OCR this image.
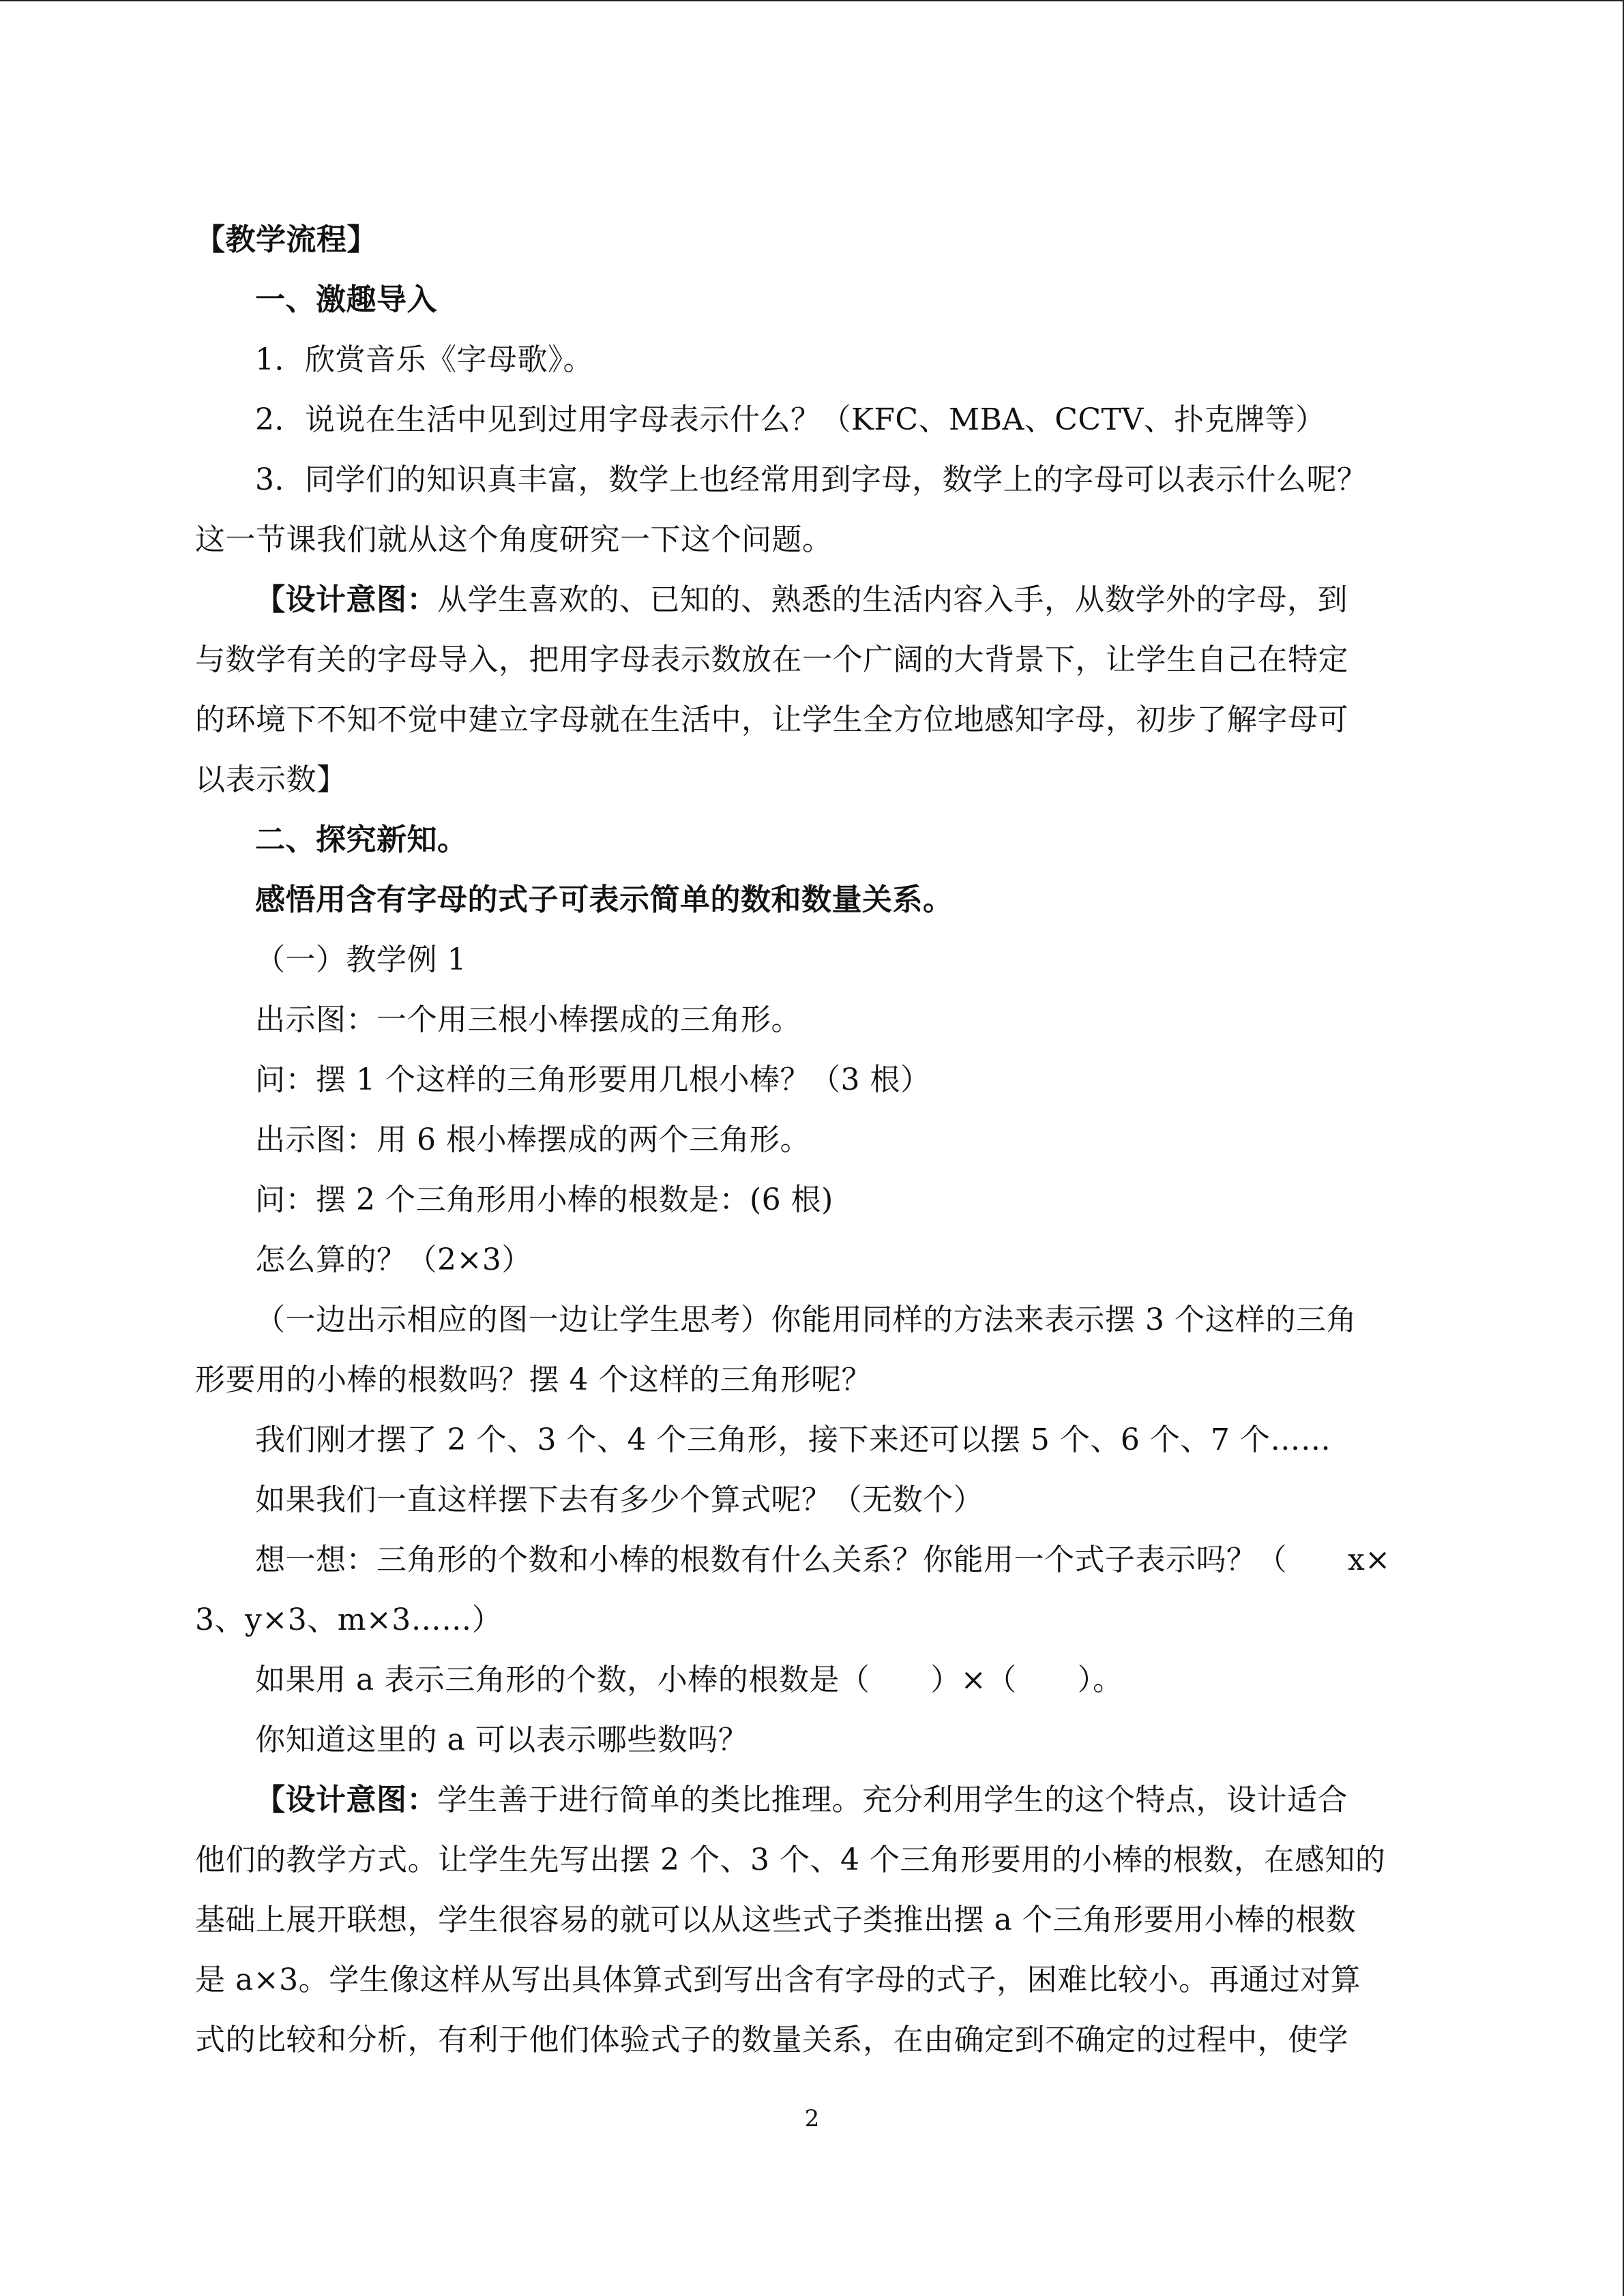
【教学流程】
一、激趣导入
1．欣赏音乐《字母歌》。
2．说说在生活中见到过用字母表示什么？（KFC、MBA、CCTV、扑克牌等）
3．同学们的知识真丰富，数学上也经常用到字母，数学上的字母可以表示什么呢？
这一节课我们就从这个角度研究一下这个问题。
【设计意图：从学生喜欢的、已知的、熟悉的生活内容入手，从数学外的字母，到
与数学有关的字母导入，把用字母表示数放在一个广阔的大背景下，让学生自己在特定
的环境下不知不觉中建立字母就在生活中，让学生全方位地感知字母，初步了解字母可
以表示数】
二、探究新知。
感悟用含有字母的式子可表示简单的数和数量关系。
（一）教学例 1
出示图：一个用三根小棒摆成的三角形。
问：摆 1 个这样的三角形要用几根小棒？（3 根）
出示图：用 6 根小棒摆成的两个三角形。
问：摆 2 个三角形用小棒的根数是：(6 根)
怎么算的？（2×3）
（一边出示相应的图一边让学生思考）你能用同样的方法来表示摆 3 个这样的三角
形要用的小棒的根数吗？摆 4 个这样的三角形呢？
我们刚才摆了 2 个、3 个、4 个三角形，接下来还可以摆 5 个、6 个、7 个……
如果我们一直这样摆下去有多少个算式呢？（无数个）
想一想：三角形的个数和小棒的根数有什么关系？你能用一个式子表示吗？（　　x×
3、y×3、m×3……）
如果用 a 表示三角形的个数，小棒的根数是（　　）×（　　）。
你知道这里的 a 可以表示哪些数吗？
【设计意图：学生善于进行简单的类比推理。充分利用学生的这个特点，设计适合
他们的教学方式。让学生先写出摆 2 个、3 个、4 个三角形要用的小棒的根数，在感知的
基础上展开联想，学生很容易的就可以从这些式子类推出摆 a 个三角形要用小棒的根数
是 a×3。学生像这样从写出具体算式到写出含有字母的式子，困难比较小。再通过对算
式的比较和分析，有利于他们体验式子的数量关系，在由确定到不确定的过程中，使学
2
